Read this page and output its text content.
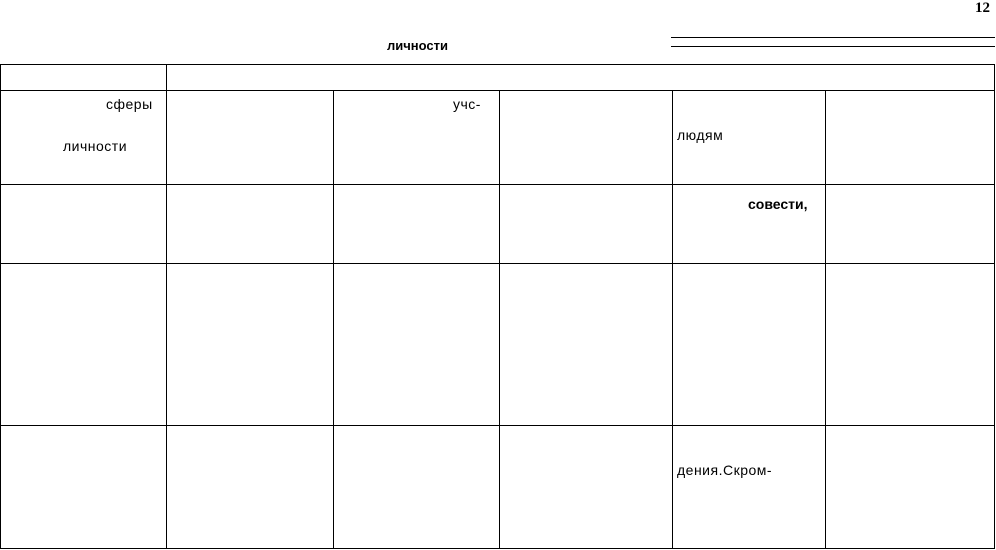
12
личности
сферы
личности
учс-
людям
совести,
дения.Скром-
